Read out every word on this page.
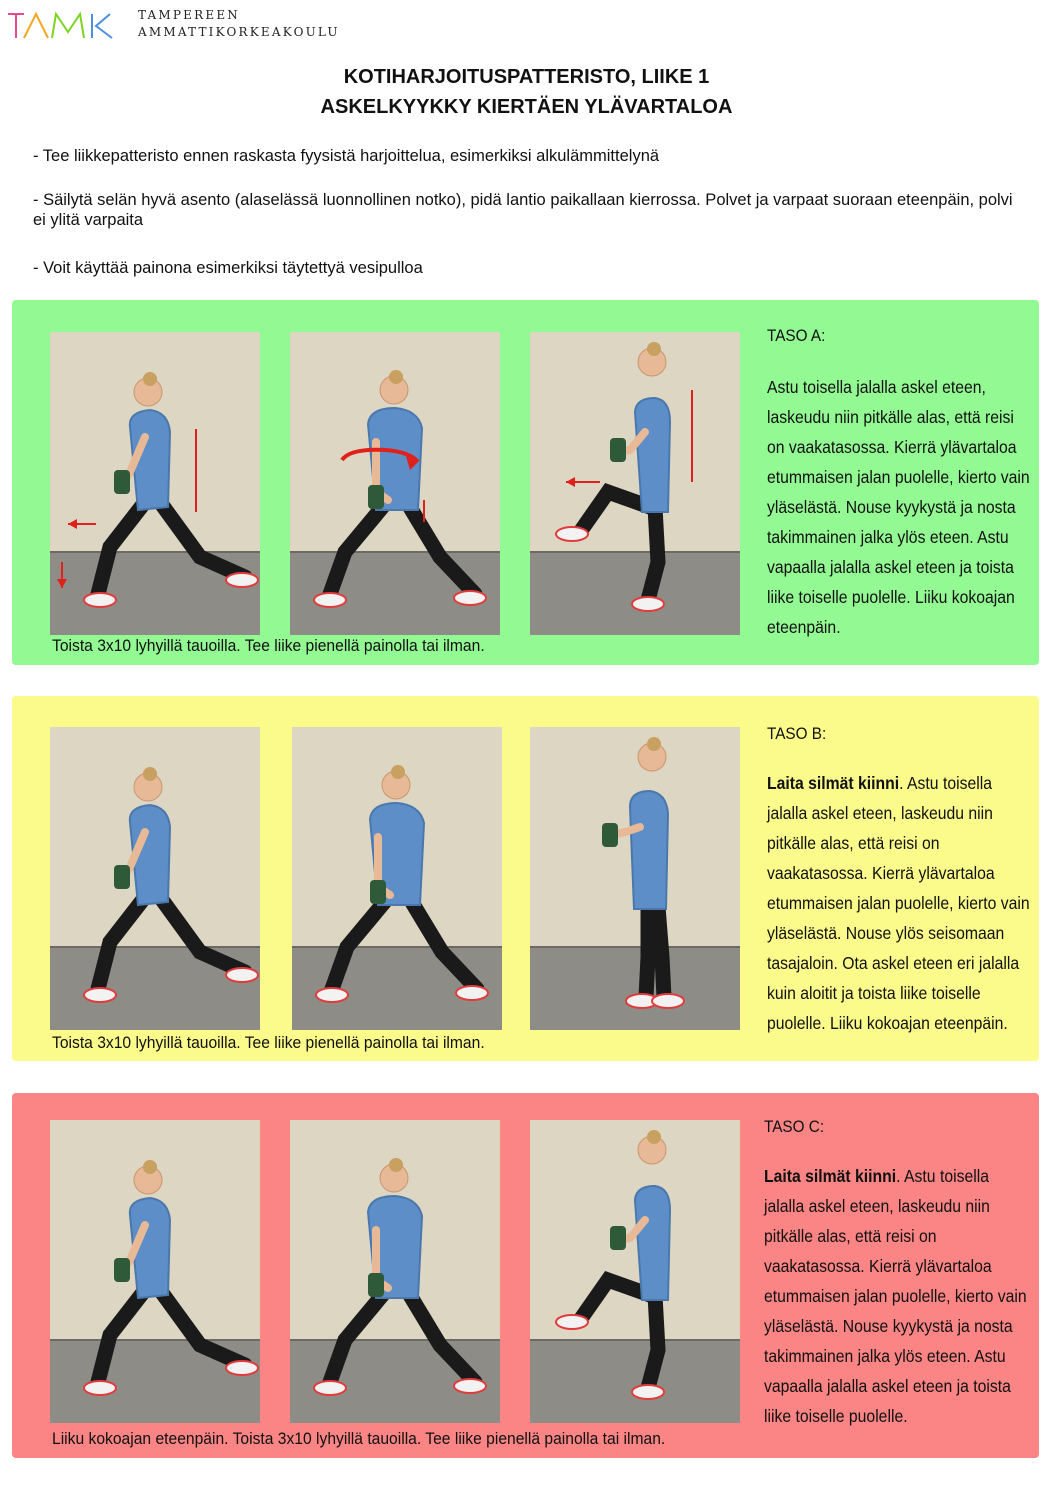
TAMPEREEN
AMMATTIKORKEAKOULU
KOTIHARJOITUSPATTERISTO, LIIKE 1
ASKELKYYKKY KIERTÄEN YLÄVARTALOA
- Tee liikkepatteristo ennen raskasta fyysistä harjoittelua, esimerkiksi alkulämmittelynä
- Säilytä selän hyvä asento (alaselässä luonnollinen notko), pidä lantio paikallaan kierrossa. Polvet ja varpaat suoraan eteenpäin, polvi ei ylitä varpaita
- Voit käyttää painona esimerkiksi täytettyä vesipulloa
TASO A:
Astu toisella jalalla askel eteen, laskeudu niin pitkälle alas, että reisi on vaakatasossa. Kierrä ylävartaloa etummaisen jalan puolelle, kierto vain yläselästä. Nouse kyykystä ja nosta takimmainen jalka ylös eteen. Astu vapaalla jalalla askel eteen ja toista liike toiselle puolelle. Liiku kokoajan eteenpäin.
Toista 3x10 lyhyillä tauoilla. Tee liike pienellä painolla tai ilman.
TASO B:
Laita silmät kiinni. Astu toisella jalalla askel eteen, laskeudu niin pitkälle alas, että reisi on vaakatasossa. Kierrä ylävartaloa etummaisen jalan puolelle, kierto vain yläselästä. Nouse ylös seisomaan tasajaloin. Ota askel eteen eri jalalla kuin aloitit ja toista liike toiselle puolelle. Liiku kokoajan eteenpäin.
Toista 3x10 lyhyillä tauoilla. Tee liike pienellä painolla tai ilman.
TASO C:
Laita silmät kiinni. Astu toisella jalalla askel eteen, laskeudu niin pitkälle alas, että reisi on vaakatasossa. Kierrä ylävartaloa etummaisen jalan puolelle, kierto vain yläselästä. Nouse kyykystä ja nosta takimmainen jalka ylös eteen. Astu vapaalla jalalla askel eteen ja toista liike toiselle puolelle.
Liiku kokoajan eteenpäin. Toista 3x10 lyhyillä tauoilla. Tee liike pienellä painolla tai ilman.
